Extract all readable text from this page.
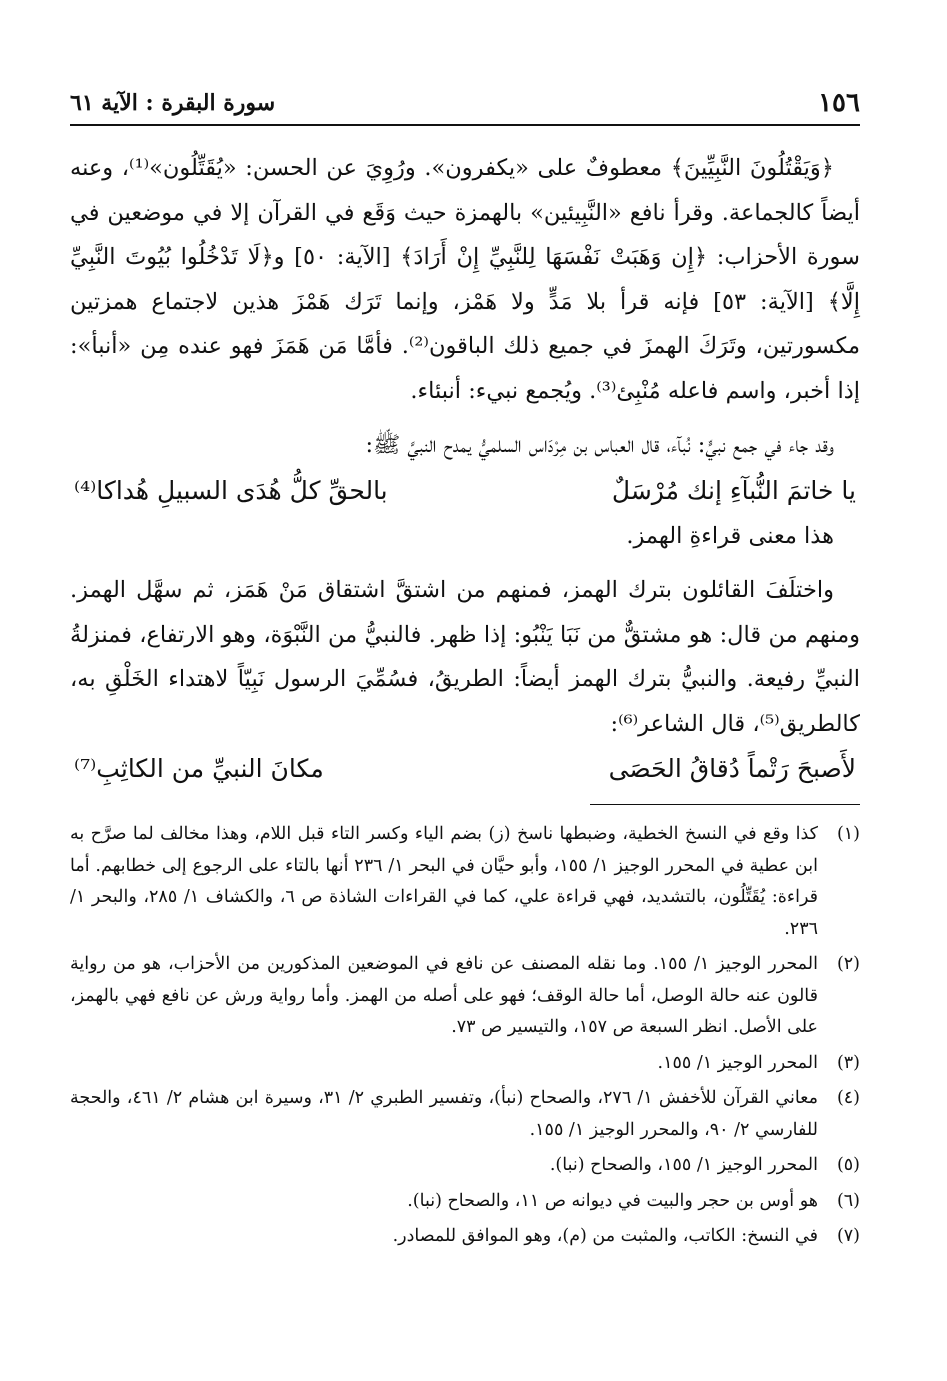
١٥٦
سورة البقرة : الآية ٦١

﴿وَيَقْتُلُونَ النَّبِيِّينَ﴾ معطوفٌ على «يكفرون». ورُوِيَ عن الحسن: «يُقَتِّلُون»⁽¹⁾، وعنه أيضاً كالجماعة. وقرأ نافع «النَّبِيئين» بالهمزة حيث وَقَع في القرآن إلا في موضعين في سورة الأحزاب: ﴿إِن وَهَبَتْ نَفْسَهَا لِلنَّبِيِّ إِنْ أَرَادَ﴾ [الآية: ٥٠] و﴿لَا تَدْخُلُوا بُيُوتَ النَّبِيِّ إِلَّا﴾ [الآية: ٥٣] فإنه قرأ بلا مَدٍّ ولا هَمْز، وإنما تَرَك هَمْزَ هذين لاجتماع همزتين مكسورتين، وتَرَكَ الهمزَ في جميع ذلك الباقون⁽²⁾. فأمَّا مَن هَمَزَ فهو عنده مِن «أنبأ»: إذا أخبر، واسم فاعله مُنْبِئ⁽³⁾. ويُجمع نبيء: أنبئاء.

وقد جاء في جمع نبيٍّ: نُبآء، قال العباس بن مِرْدَاس السلميُّ يمدح النبيَّ ﷺ:

يا خاتمَ النُّبآءِ إنك مُرْسَلٌ
بالحقِّ كلُّ هُدَى السبيلِ هُداكا⁽⁴⁾

هذا معنى قراءةِ الهمز.

واختلَفَ القائلون بترك الهمز، فمنهم من اشتقَّ اشتقاق مَنْ هَمَز، ثم سهَّل الهمز. ومنهم من قال: هو مشتقٌّ من نَبَا يَنْبُو: إذا ظهر. فالنبيُّ من النَّبْوَة، وهو الارتفاع، فمنزلةُ النبيِّ رفيعة. والنبيُّ بترك الهمز أيضاً: الطريقُ، فسُمِّيَ الرسول نَبِيّاً لاهتداء الخَلْقِ به، كالطريق⁽⁵⁾، قال الشاعر⁽⁶⁾:

لأَصبحَ رَتْماً دُقاقُ الحَصَى
مكانَ النبيِّ من الكاثِبِ⁽⁷⁾
(١)
كذا وقع في النسخ الخطية، وضبطها ناسخ (ز) بضم الياء وكسر التاء قبل اللام، وهذا مخالف لما صرَّح به ابن عطية في المحرر الوجيز ١/ ١٥٥، وأبو حيَّان في البحر ١/ ٢٣٦ أنها بالتاء على الرجوع إلى خطابهم. أما قراءة: يُقَتِّلُون، بالتشديد، فهي قراءة علي، كما في القراءات الشاذة ص ٦، والكشاف ١/ ٢٨٥، والبحر ١/ ٢٣٦.
(٢)
المحرر الوجيز ١/ ١٥٥. وما نقله المصنف عن نافع في الموضعين المذكورين من الأحزاب، هو من رواية قالون عنه حالة الوصل، أما حالة الوقف؛ فهو على أصله من الهمز. وأما رواية ورش عن نافع فهي بالهمز، على الأصل. انظر السبعة ص ١٥٧، والتيسير ص ٧٣.
(٣)
المحرر الوجيز ١/ ١٥٥.
(٤)
معاني القرآن للأخفش ١/ ٢٧٦، والصحاح (نبأ)، وتفسير الطبري ٢/ ٣١، وسيرة ابن هشام ٢/ ٤٦١، والحجة للفارسي ٢/ ٩٠، والمحرر الوجيز ١/ ١٥٥.
(٥)
المحرر الوجيز ١/ ١٥٥، والصحاح (نبا).
(٦)
هو أوس بن حجر والبيت في ديوانه ص ١١، والصحاح (نبا).
(٧)
في النسخ: الكاتب، والمثبت من (م)، وهو الموافق للمصادر.
